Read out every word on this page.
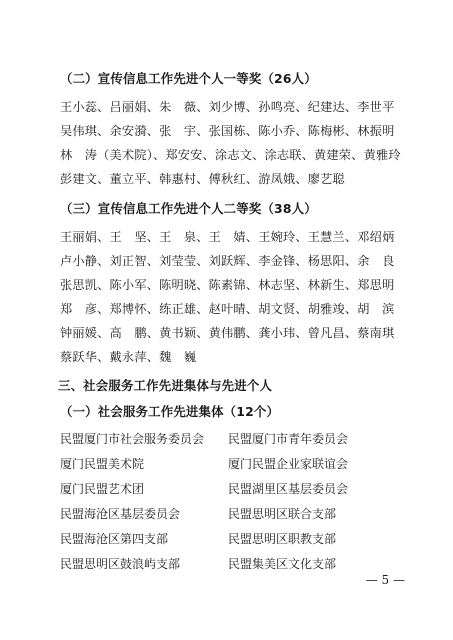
（二）宣传信息工作先进个人一等奖（26人）
王小蕊、吕丽娟、朱　薇、刘少博、孙鸣亮、纪建达、李世平
吴伟琪、余安漪、张　宇、张国栋、陈小乔、陈梅彬、林振明
林　涛（美术院）、郑安安、涂志文、涂志联、黄建荣、黄雅玲
彭建文、董立平、韩惠村、傅秋红、游凤娥、廖艺聪
（三）宣传信息工作先进个人二等奖（38人）
王丽娟、王　坚、王　泉、王　婧、王婉玲、王慧兰、邓绍炳
卢小静、刘正智、刘莹莹、刘跃辉、李金锋、杨思阳、余　良
张思凯、陈小军、陈明晓、陈素锦、林志坚、林新生、郑思明
郑　彦、郑博怀、练正雄、赵叶晴、胡文贤、胡雅竣、胡　滨
钟丽媛、高　鹏、黄书颖、黄伟鹏、龚小玮、曾凡昌、蔡南琪
蔡跃华、戴永萍、魏　巍
三、社会服务工作先进集体与先进个人
（一）社会服务工作先进集体（12个）
民盟厦门市社会服务委员会 民盟厦门市青年委员会
厦门民盟美术院	厦门民盟企业家联谊会
厦门民盟艺术团	民盟湖里区基层委员会
民盟海沧区基层委员会	民盟思明区联合支部
民盟海沧区第四支部	民盟思明区职教支部
民盟思明区鼓浪屿支部	民盟集美区文化支部
— 5 —
